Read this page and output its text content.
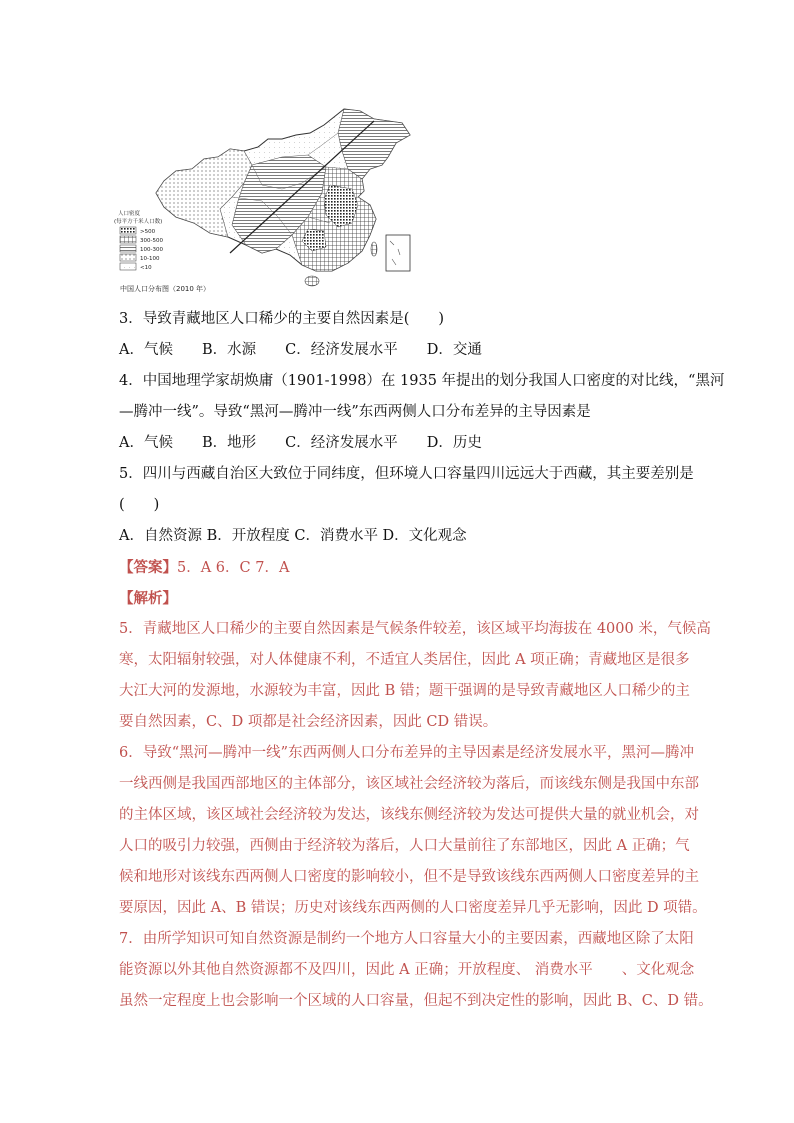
人口密度
(每平方千米人口数)
>500
300-500
100-300
10-100
<10
中国人口分布图（2010 年）
3．导致青藏地区人口稀少的主要自然因素是(　　)
A．气候　　B．水源　　C．经济发展水平　　D．交通
4．中国地理学家胡焕庸（1901-1998）在 1935 年提出的划分我国人口密度的对比线，“黑河
—腾冲一线”。导致“黑河—腾冲一线”东西两侧人口分布差异的主导因素是
A．气候　　B．地形　　C．经济发展水平　　D．历史
5．四川与西藏自治区大致位于同纬度，但环境人口容量四川远远大于西藏，其主要差别是
(　　)
A．自然资源 B．开放程度 C．消费水平 D．文化观念
【答案】5．A 6．C 7．A
【解析】
5．青藏地区人口稀少的主要自然因素是气候条件较差，该区域平均海拔在 4000 米，气候高
寒，太阳辐射较强，对人体健康不利，不适宜人类居住，因此 A 项正确；青藏地区是很多
大江大河的发源地，水源较为丰富，因此 B 错；题干强调的是导致青藏地区人口稀少的主
要自然因素，C、D 项都是社会经济因素，因此 CD 错误。
6．导致“黑河—腾冲一线”东西两侧人口分布差异的主导因素是经济发展水平，黑河—腾冲
一线西侧是我国西部地区的主体部分，该区域社会经济较为落后，而该线东侧是我国中东部
的主体区域，该区域社会经济较为发达，该线东侧经济较为发达可提供大量的就业机会，对
人口的吸引力较强，西侧由于经济较为落后，人口大量前往了东部地区，因此 A 正确；气
候和地形对该线东西两侧人口密度的影响较小，但不是导致该线东西两侧人口密度差异的主
要原因，因此 A、B 错误；历史对该线东西两侧的人口密度差异几乎无影响，因此 D 项错。
7．由所学知识可知自然资源是制约一个地方人口容量大小的主要因素，西藏地区除了太阳
能资源以外其他自然资源都不及四川，因此 A 正确；开放程度、 消费水平　　、文化观念
虽然一定程度上也会影响一个区域的人口容量，但起不到决定性的影响，因此 B、C、D 错。
